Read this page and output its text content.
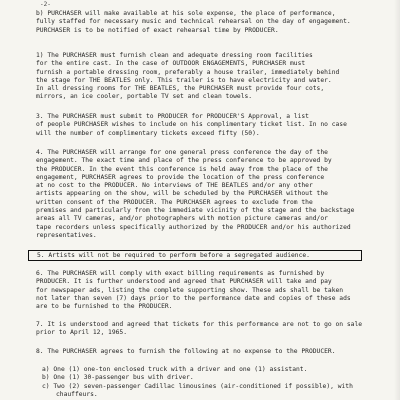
-2-
b) PURCHASER will make available at his sole expense, the place of performance,
fully staffed for necessary music and technical rehearsal on the day of engagement.
PURCHASER is to be notified of exact rehearsal time by PRODUCER.
1) The PURCHASER must furnish clean and adequate dressing room facilities
for the entire cast. In the case of OUTDOOR ENGAGEMENTS, PURCHASER must
furnish a portable dressing room, preferably a house trailer, immediately behind
the stage for THE BEATLES only. This trailer is to have electricity and water.
In all dressing rooms for THE BEATLES, the PURCHASER must provide four cots,
mirrors, an ice cooler, portable TV set and clean towels.
3. The PURCHASER must submit to PRODUCER for PRODUCER'S Approval, a list
of people PURCHASER wishes to include on his complimentary ticket list. In no case
will the number of complimentary tickets exceed fifty (50).
4. The PURCHASER will arrange for one general press conference the day of the
engagement. The exact time and place of the press conference to be approved by
the PRODUCER. In the event this conference is held away from the place of the
engagement, PURCHASER agrees to provide the location of the press conference
at no cost to the PRODUCER. No interviews of THE BEATLES and/or any other
artists appearing on the show, will be scheduled by the PURCHASER without the
written consent of the PRODUCER. The PURCHASER agrees to exclude from the
premises and particularly from the immediate vicinity of the stage and the backstage
areas all TV cameras, and/or photographers with motion picture cameras and/or
tape recorders unless specifically authorized by the PRODUCER and/or his authorized
representatives.
5. Artists will not be required to perform before a segregated audience.
6. The PURCHASER will comply with exact billing requirements as furnished by
PRODUCER. It is further understood and agreed that PURCHASER will take and pay
for newspaper ads, listing the complete supporting show. These ads shall be taken
not later than seven (7) days prior to the performance date and copies of these ads
are to be furnished to the PRODUCER.
7. It is understood and agreed that tickets for this performance are not to go on sale
prior to April 12, 1965.
8. The PURCHASER agrees to furnish the following at no expense to the PRODUCER.
a) One (1) one-ton enclosed truck with a driver and one (1) assistant.
b) One (1) 30-passenger bus with driver.
c) Two (2) seven-passenger Cadillac limousines (air-conditioned if possible), with
chauffeurs.
